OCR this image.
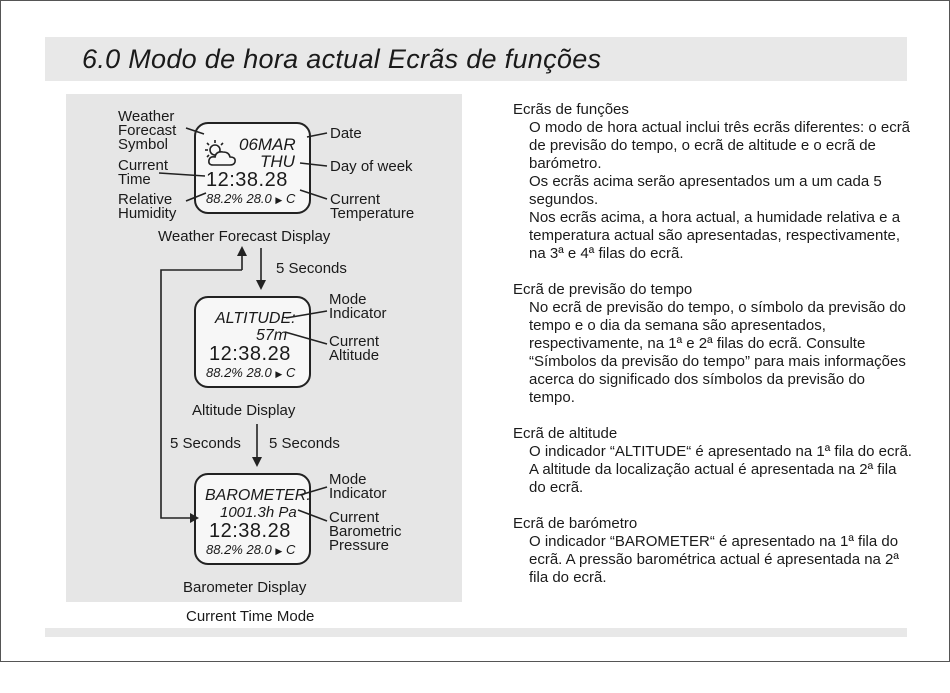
6.0 Modo de hora actual Ecrãs de funções
Weather
Forecast
Symbol
Current
Time
Relative
Humidity
Date
Day of week
Current
Temperature
06MAR
THU
12:38.28
88.2% 28.0 ▶ C
Weather Forecast Display
Mode
Indicator
Current
Altitude
ALTITUDE:
57m
12:38.28
88.2% 28.0 ▶ C
Altitude Display
Mode
Indicator
Current
Barometric
Pressure
BAROMETER:
1001.3h Pa
12:38.28
88.2% 28.0 ▶ C
Barometer Display
5 Seconds
5 Seconds 5 Seconds
Current Time Mode
Ecrãs de funções
O modo de hora actual inclui três ecrãs diferentes: o ecrã de previsão do tempo, o ecrã de altitude e o ecrã de barómetro.
Os ecrãs acima serão apresentados um a um cada 5 segundos.
Nos ecrãs acima, a hora actual, a humidade relativa e a temperatura actual são apresentadas, respectivamente, na 3ª e 4ª filas do ecrã.
Ecrã de previsão do tempo
No ecrã de previsão do tempo, o símbolo da previsão do tempo e o dia da semana são apresentados, respectivamente, na 1ª e 2ª filas do ecrã. Consulte “Símbolos da previsão do tempo” para mais informações acerca do significado dos símbolos da previsão do tempo.
Ecrã de altitude
O indicador “ALTITUDE“ é apresentado na 1ª fila do ecrã. A altitude da localização actual é apresentada na 2ª fila do ecrã.
Ecrã de barómetro
O indicador “BAROMETER“ é apresentado na 1ª fila do ecrã. A pressão barométrica actual é apresentada na 2ª fila do ecrã.
